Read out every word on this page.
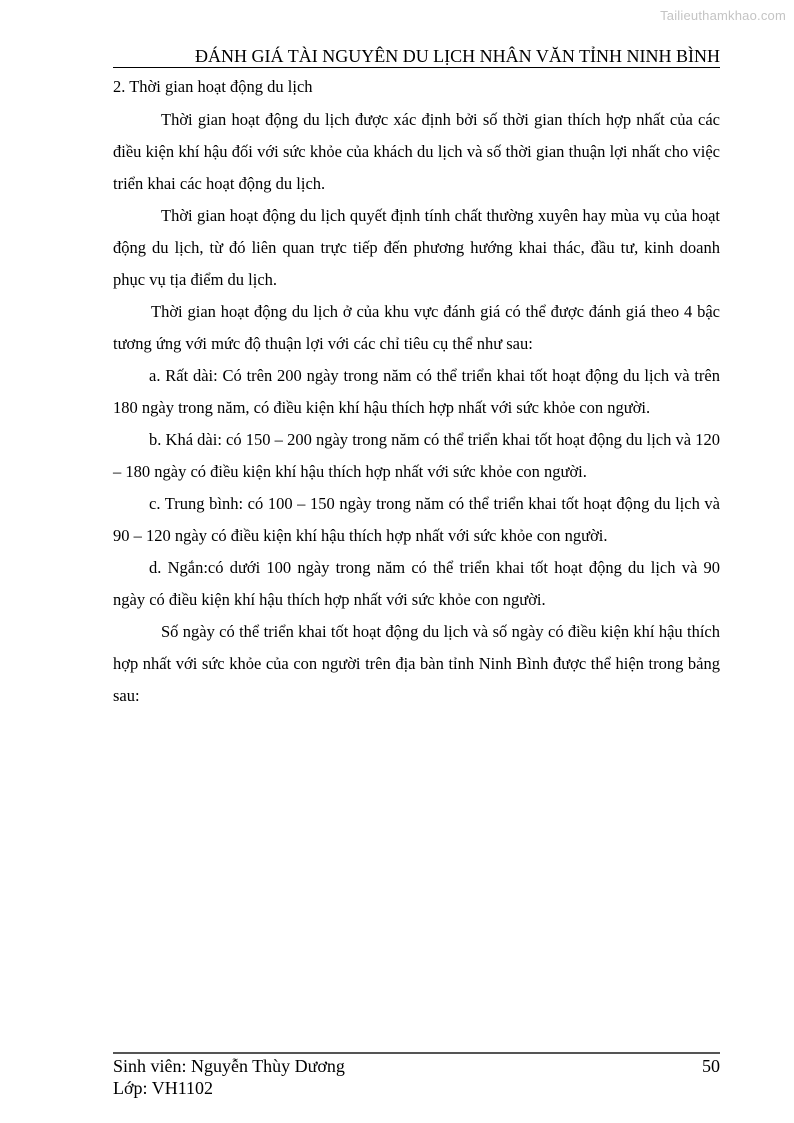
Tailieuthamkhao.com
ĐÁNH GIÁ TÀI NGUYÊN DU LỊCH NHÂN VĂN TỈNH NINH BÌNH
2. Thời gian hoạt động du lịch

Thời gian hoạt động du lịch được xác định bởi số thời gian thích hợp nhất của các điều kiện khí hậu đối với sức khỏe của khách du lịch và số thời gian thuận lợi nhất cho việc triển khai các hoạt động du lịch.

Thời gian hoạt động du lịch quyết định tính chất thường xuyên hay mùa vụ của hoạt động du lịch, từ đó liên quan trực tiếp đến phương hướng khai thác, đầu tư, kinh doanh phục vụ tịa điểm du lịch.

Thời gian hoạt động du lịch ở của khu vực đánh giá có thể được đánh giá theo 4 bậc tương ứng với mức độ thuận lợi với các chỉ tiêu cụ thể như sau:

a. Rất dài: Có trên 200 ngày trong năm có thể triển khai tốt hoạt động du lịch và trên 180 ngày trong năm, có điều kiện khí hậu thích hợp nhất với sức khỏe con người.

b. Khá dài: có 150 – 200 ngày trong năm có thể triển khai tốt hoạt động du lịch và 120 – 180 ngày có điều kiện khí hậu thích hợp nhất với sức khỏe con người.

c. Trung bình: có 100 – 150 ngày trong năm có thể triển khai tốt hoạt động du lịch và 90 – 120 ngày có điều kiện khí hậu thích hợp nhất với sức khỏe con người.

d. Ngắn:có dưới 100 ngày trong năm có thể triển khai tốt hoạt động du lịch và 90 ngày có điều kiện khí hậu thích hợp nhất với sức khỏe con người.

Số ngày có thể triển khai tốt hoạt động du lịch và số ngày có điều kiện khí hậu thích hợp nhất với sức khỏe của con người trên địa bàn tỉnh Ninh Bình được thể hiện trong bảng sau:

Sinh viên: Nguyễn Thùy Dương	50
Lớp: VH1102
